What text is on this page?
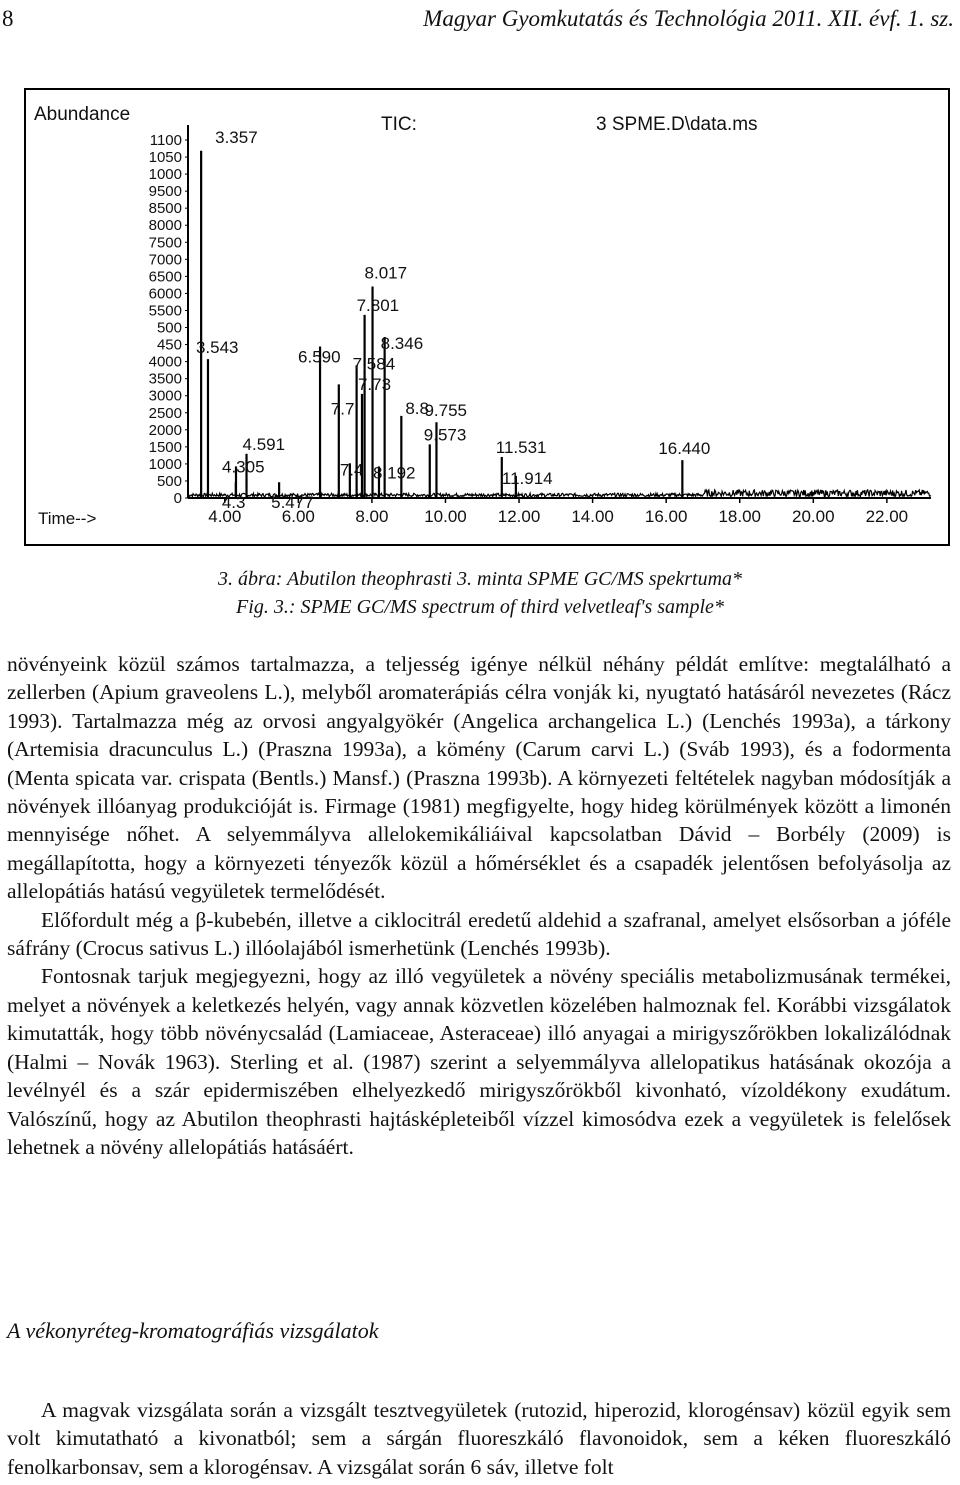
8	Magyar Gyomkutatás és Technológia 2011. XII. évf. 1. sz.
Abundance	TIC:	3 SPME.D\data.ms
Time-->
0
500
1000
1500
2000
2500
3000
3500
4000
450
500
5500
6000
6500
7000
7500
8000
8500
9500
1000
1050
1100
4.00 6.00 8.00 10.00 12.00 14.00 16.00 18.00 20.00 22.00
3.357
3.543
4.591
4.305
4.3 5.477
6.590
7.7
7.73
7.4
7.584
7.801
8.017
8.346
8.192
8.8
9.573
9.755
11.531
11.914
16.440
3. ábra: Abutilon theophrasti 3. minta SPME GC/MS spekrtuma*
Fig. 3.: SPME GC/MS spectrum of third velvetleaf's sample*

növényeink közül számos tartalmazza, a teljesség igénye nélkül néhány példát említve: megtalálható a zellerben (Apium graveolens L.), melyből aromaterápiás célra vonják ki, nyugtató hatásáról nevezetes (Rácz 1993). Tartalmazza még az orvosi angyalgyökér (Angelica archangelica L.) (Lenchés 1993a), a tárkony (Artemisia dracunculus L.) (Praszna 1993a), a kömény (Carum carvi L.) (Sváb 1993), és a fodormenta (Menta spicata var. crispata (Bentls.) Mansf.) (Praszna 1993b). A környezeti feltételek nagyban módosítják a növények illóanyag produkcióját is. Firmage (1981) megfigyelte, hogy hideg körülmények között a limonén mennyisége nőhet. A selyemmályva allelokemikáliáival kapcsolatban Dávid – Borbély (2009) is megállapította, hogy a környezeti tényezők közül a hőmérséklet és a csapadék jelentősen befolyásolja az allelopátiás hatású vegyületek termelődését.

Előfordult még a β-kubebén, illetve a ciklocitrál eredetű aldehid a szafranal, amelyet elsősorban a jóféle sáfrány (Crocus sativus L.) illóolajából ismerhetünk (Lenchés 1993b).

Fontosnak tarjuk megjegyezni, hogy az illó vegyületek a növény speciális metabolizmusának termékei, melyet a növények a keletkezés helyén, vagy annak közvetlen közelében halmoznak fel. Korábbi vizsgálatok kimutatták, hogy több növénycsalád (Lamiaceae, Asteraceae) illó anyagai a mirigyszőrökben lokalizálódnak (Halmi – Novák 1963). Sterling et al. (1987) szerint a selyemmályva allelopatikus hatásának okozója a levélnyél és a szár epidermiszében elhelyezkedő mirigyszőrökből kivonható, vízoldékony exudátum. Valószínű, hogy az Abutilon theophrasti hajtásképleteiből vízzel kimosódva ezek a vegyületek is felelősek lehetnek a növény allelopátiás hatásáért.

A vékonyréteg-kromatográfiás vizsgálatok

A magvak vizsgálata során a vizsgált tesztvegyületek (rutozid, hiperozid, klorogénsav) közül egyik sem volt kimutatható a kivonatból; sem a sárgán fluoreszkáló flavonoidok, sem a kéken fluoreszkáló fenolkarbonsav, sem a klorogénsav. A vizsgálat során 6 sáv, illetve folt
